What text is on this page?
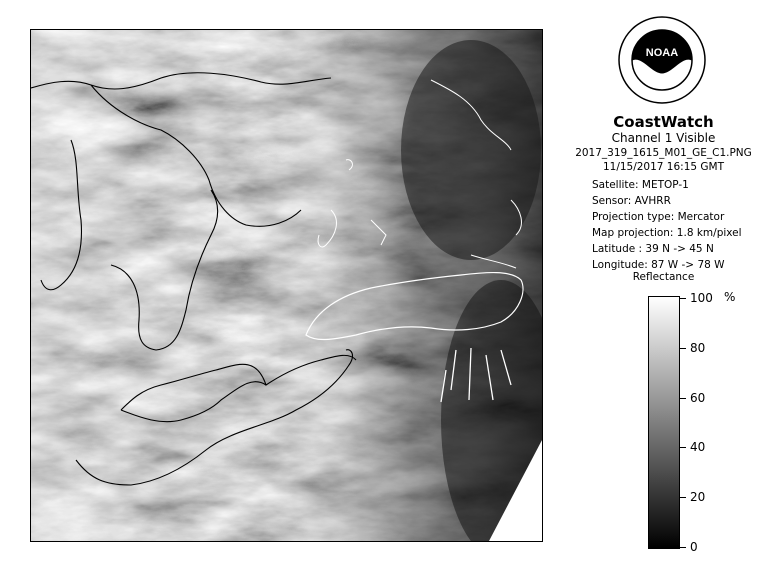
NOAA
CoastWatch
Channel 1 Visible
2017_319_1615_M01_GE_C1.PNG
11/15/2017 16:15 GMT
Satellite: METOP-1
Sensor: AVHRR
Projection type: Mercator
Map projection: 1.8 km/pixel
Latitude : 39 N -> 45 N
Longitude: 87 W -> 78 W
Reflectance
%
100
80
60
40
20
0
